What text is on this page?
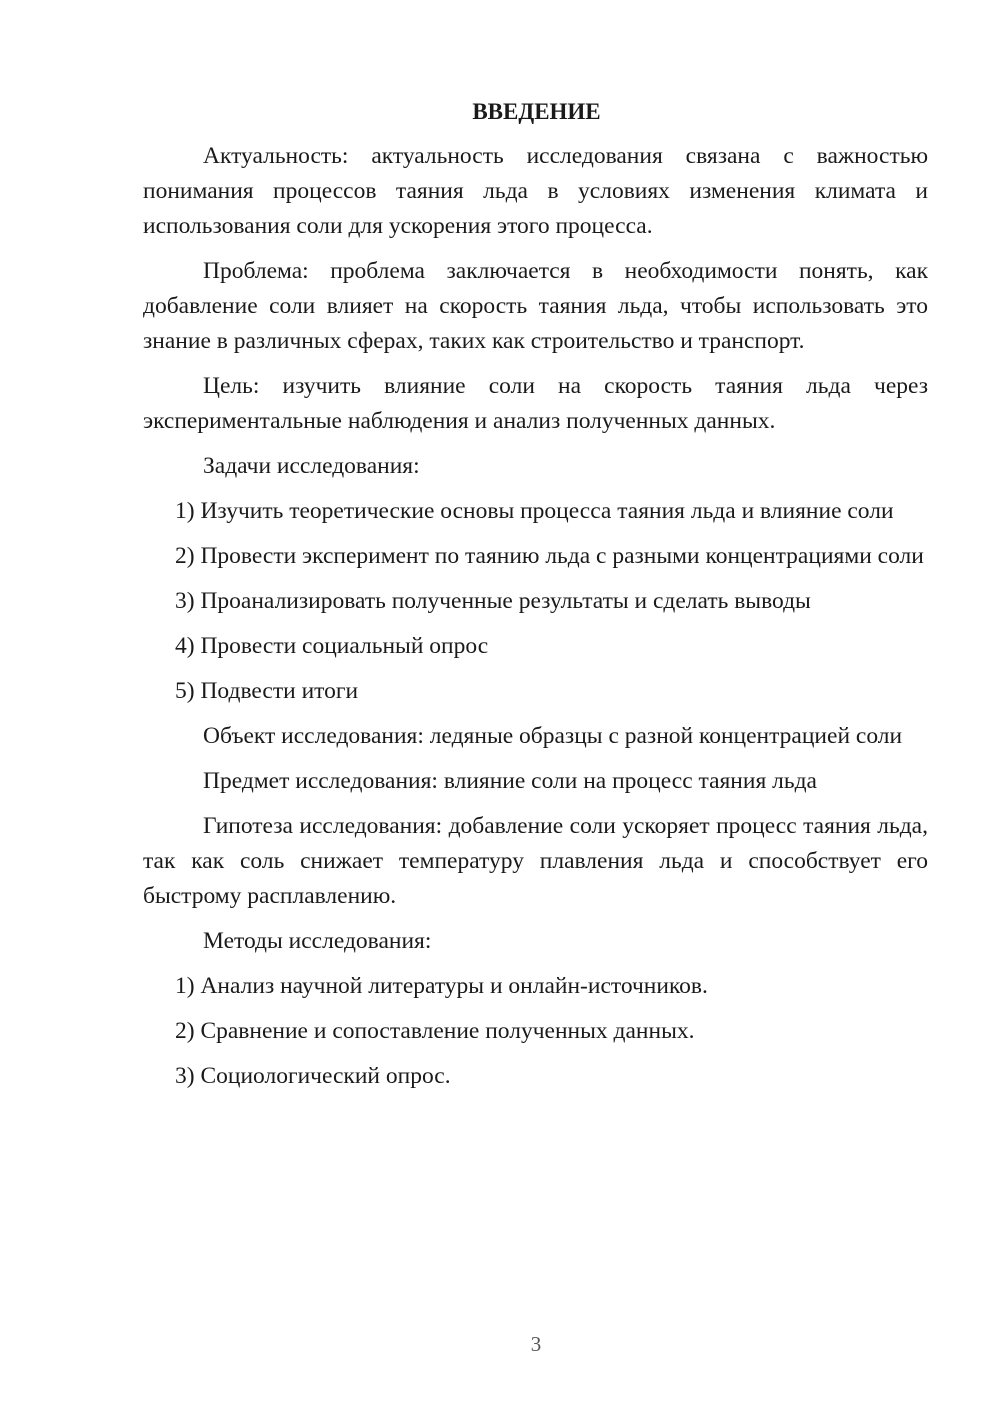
ВВЕДЕНИЕ

Актуальность: актуальность исследования связана с важностью понимания процессов таяния льда в условиях изменения климата и использования соли для ускорения этого процесса.

Проблема: проблема заключается в необходимости понять, как добавление соли влияет на скорость таяния льда, чтобы использовать это знание в различных сферах, таких как строительство и транспорт.

Цель: изучить влияние соли на скорость таяния льда через экспериментальные наблюдения и анализ полученных данных.

Задачи исследования:

1) Изучить теоретические основы процесса таяния льда и влияние соли

2) Провести эксперимент по таянию льда с разными концентрациями соли

3) Проанализировать полученные результаты и сделать выводы

4) Провести социальный опрос

5) Подвести итоги

Объект исследования: ледяные образцы с разной концентрацией соли

Предмет исследования: влияние соли на процесс таяния льда

Гипотеза исследования: добавление соли ускоряет процесс таяния льда, так как соль снижает температуру плавления льда и способствует его быстрому расплавлению.

Методы исследования:

1) Анализ научной литературы и онлайн-источников.

2) Сравнение и сопоставление полученных данных.

3) Социологический опрос.

3
